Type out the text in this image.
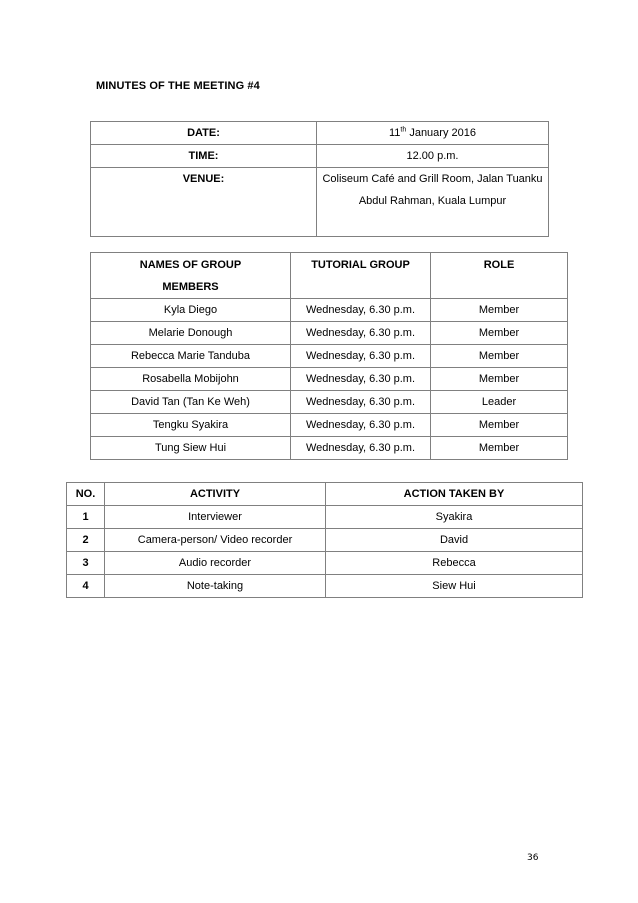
MINUTES OF THE MEETING #4
DATE:	11th January 2016
TIME:	12.00 p.m.
VENUE:	Coliseum Café and Grill Room, Jalan Tuanku Abdul Rahman, Kuala Lumpur
NAMES OF GROUP
MEMBERS	TUTORIAL GROUP	ROLE
Kyla Diego	Wednesday, 6.30 p.m.	Member
Melarie Donough	Wednesday, 6.30 p.m.	Member
Rebecca Marie Tanduba	Wednesday, 6.30 p.m.	Member
Rosabella Mobijohn	Wednesday, 6.30 p.m.	Member
David Tan (Tan Ke Weh)	Wednesday, 6.30 p.m.	Leader
Tengku Syakira	Wednesday, 6.30 p.m.	Member
Tung Siew Hui	Wednesday, 6.30 p.m.	Member
NO.	ACTIVITY	ACTION TAKEN BY
1	Interviewer	Syakira
2	Camera-person/ Video recorder	David
3	Audio recorder	Rebecca
4	Note-taking	Siew Hui
36
